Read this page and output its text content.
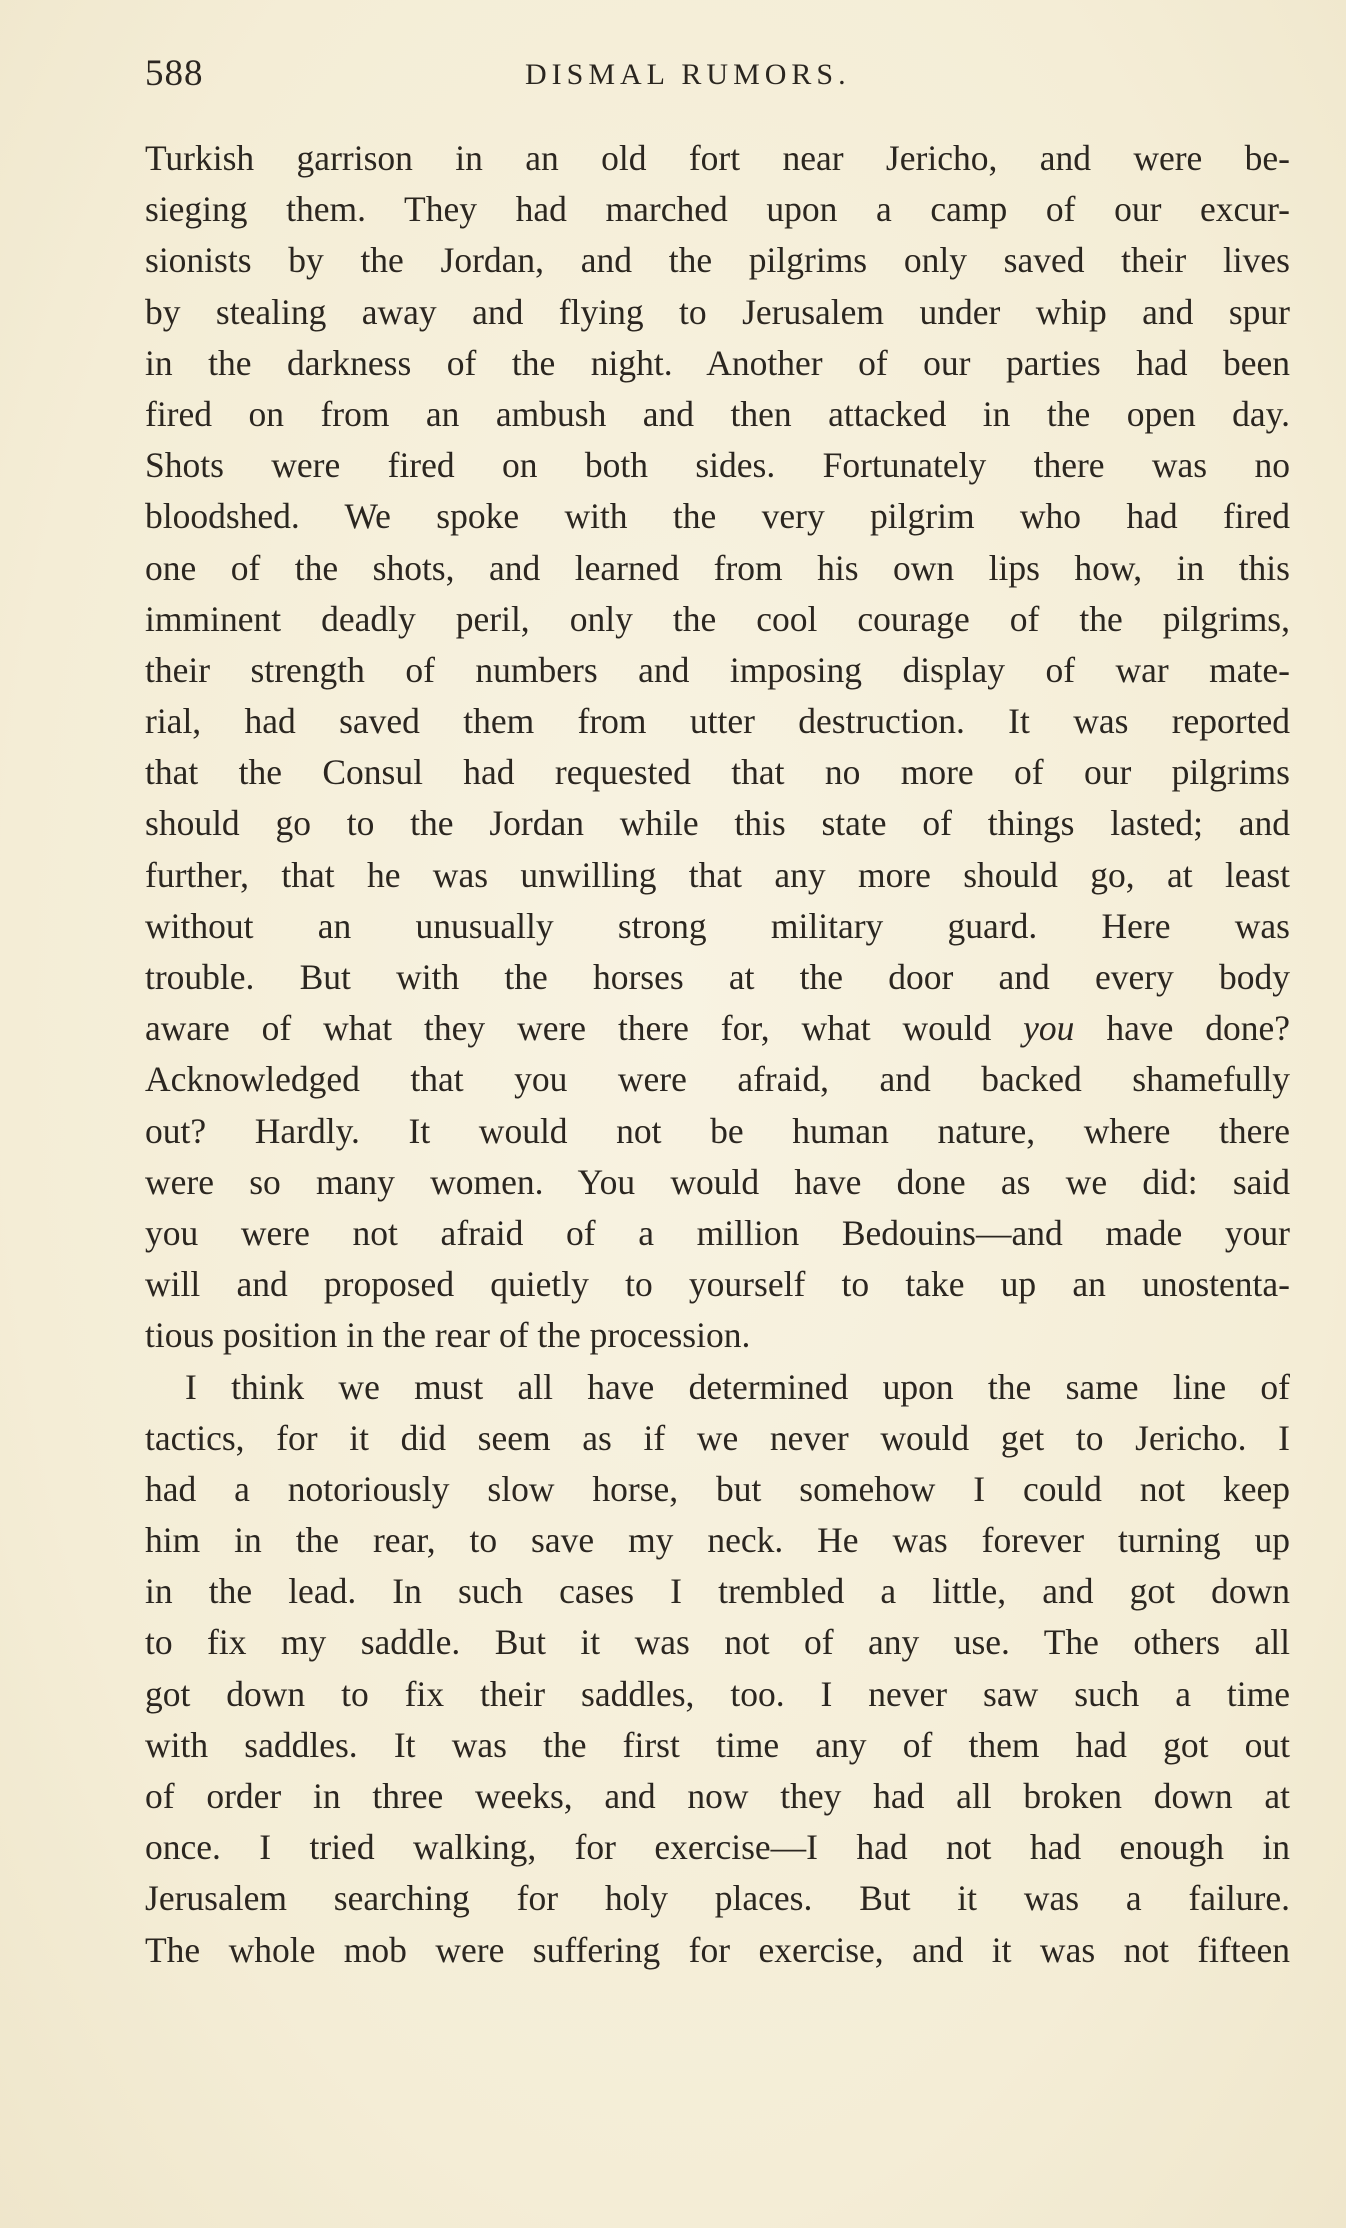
588	DISMAL RUMORS.
Turkish garrison in an old fort near Jericho, and were be-
sieging them. They had marched upon a camp of our excur-
sionists by the Jordan, and the pilgrims only saved their lives
by stealing away and flying to Jerusalem under whip and spur
in the darkness of the night. Another of our parties had been
fired on from an ambush and then attacked in the open day.
Shots were fired on both sides. Fortunately there was no
bloodshed. We spoke with the very pilgrim who had fired
one of the shots, and learned from his own lips how, in this
imminent deadly peril, only the cool courage of the pilgrims,
their strength of numbers and imposing display of war mate-
rial, had saved them from utter destruction. It was reported
that the Consul had requested that no more of our pilgrims
should go to the Jordan while this state of things lasted; and
further, that he was unwilling that any more should go, at least
without an unusually strong military guard. Here was
trouble. But with the horses at the door and every body
aware of what they were there for, what would you have done?
Acknowledged that you were afraid, and backed shamefully
out? Hardly. It would not be human nature, where there
were so many women. You would have done as we did: said
you were not afraid of a million Bedouins—and made your
will and proposed quietly to yourself to take up an unostenta-
tious position in the rear of the procession.
I think we must all have determined upon the same line of
tactics, for it did seem as if we never would get to Jericho. I
had a notoriously slow horse, but somehow I could not keep
him in the rear, to save my neck. He was forever turning up
in the lead. In such cases I trembled a little, and got down
to fix my saddle. But it was not of any use. The others all
got down to fix their saddles, too. I never saw such a time
with saddles. It was the first time any of them had got out
of order in three weeks, and now they had all broken down at
once. I tried walking, for exercise—I had not had enough in
Jerusalem searching for holy places. But it was a failure.
The whole mob were suffering for exercise, and it was not fifteen
